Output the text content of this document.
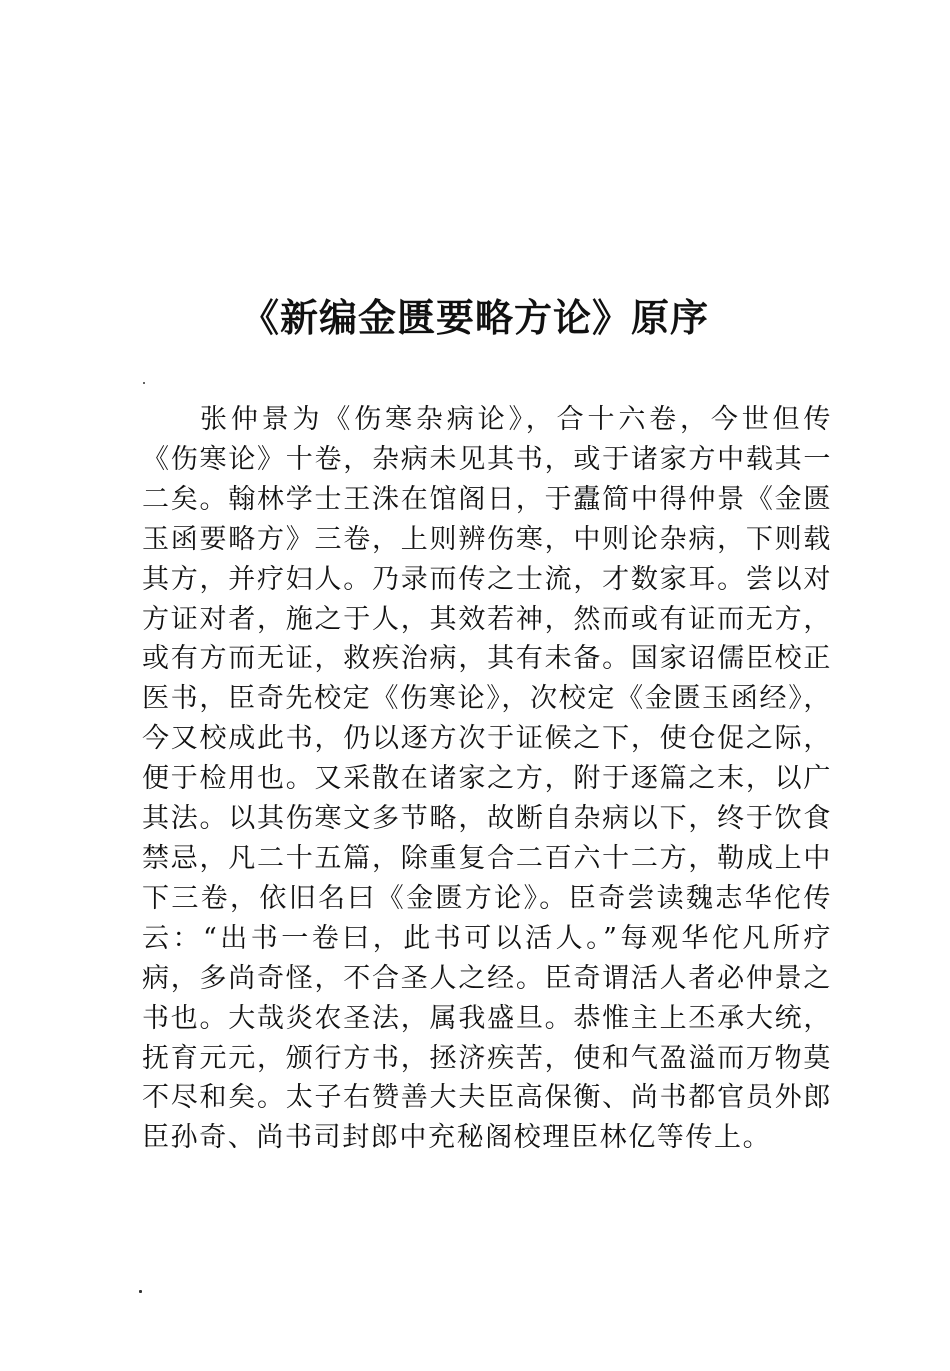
《新编金匮要略方论》原序

张仲景为《伤寒杂病论》，合十六卷，今世但传《伤寒论》十卷，杂病未见其书，或于诸家方中载其一二矣。翰林学士王洙在馆阁日，于蠹简中得仲景《金匮玉函要略方》三卷，上则辨伤寒，中则论杂病，下则载其方，并疗妇人。乃录而传之士流，才数家耳。尝以对方证对者，施之于人，其效若神，然而或有证而无方，或有方而无证，救疾治病，其有未备。国家诏儒臣校正医书，臣奇先校定《伤寒论》，次校定《金匮玉函经》，今又校成此书，仍以逐方次于证候之下，使仓促之际，便于检用也。又采散在诸家之方，附于逐篇之末，以广其法。以其伤寒文多节略，故断自杂病以下，终于饮食禁忌，凡二十五篇，除重复合二百六十二方，勒成上中下三卷，依旧名曰《金匮方论》。臣奇尝读魏志华佗传云：“出书一卷曰，此书可以活人。”每观华佗凡所疗病，多尚奇怪，不合圣人之经。臣奇谓活人者必仲景之书也。大哉炎农圣法，属我盛旦。恭惟主上丕承大统，抚育元元，颁行方书，拯济疾苦，使和气盈溢而万物莫不尽和矣。太子右赞善大夫臣高保衡、尚书都官员外郎臣孙奇、尚书司封郎中充秘阁校理臣林亿等传上。
